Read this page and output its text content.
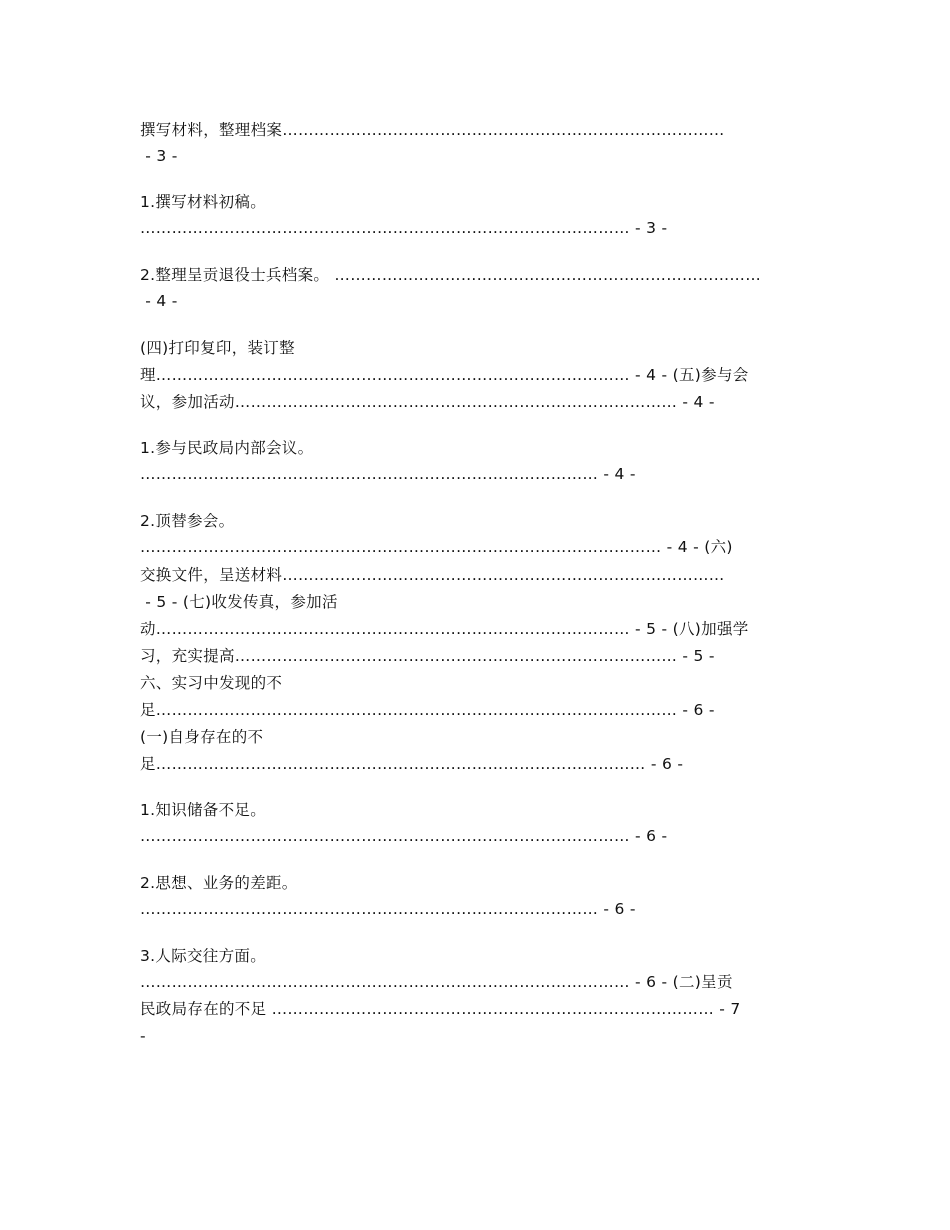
撰写材料，整理档案…………………………………………………………………………
- 3 -
1.撰写材料初稿。
………………………………………………………………………………… - 3 -
2.整理呈贡退役士兵档案。 ………………………………………………………………………
- 4 -
(四)打印复印，装订整
理……………………………………………………………………………… - 4 - (五)参与会
议，参加活动………………………………………………………………………… - 4 -
1.参与民政局内部会议。
…………………………………………………………………………… - 4 -
2.顶替参会。
……………………………………………………………………………………… - 4 - (六)
交换文件，呈送材料…………………………………………………………………………
- 5 - (七)收发传真，参加活
动……………………………………………………………………………… - 5 - (八)加强学
习，充实提高………………………………………………………………………… - 5 -
六、实习中发现的不
足……………………………………………………………………………………… - 6 -
(一)自身存在的不
足………………………………………………………………………………… - 6 -
1.知识储备不足。
………………………………………………………………………………… - 6 -
2.思想、业务的差距。
…………………………………………………………………………… - 6 -
3.人际交往方面。
………………………………………………………………………………… - 6 - (二)呈贡
民政局存在的不足 ………………………………………………………………………… - 7
-
